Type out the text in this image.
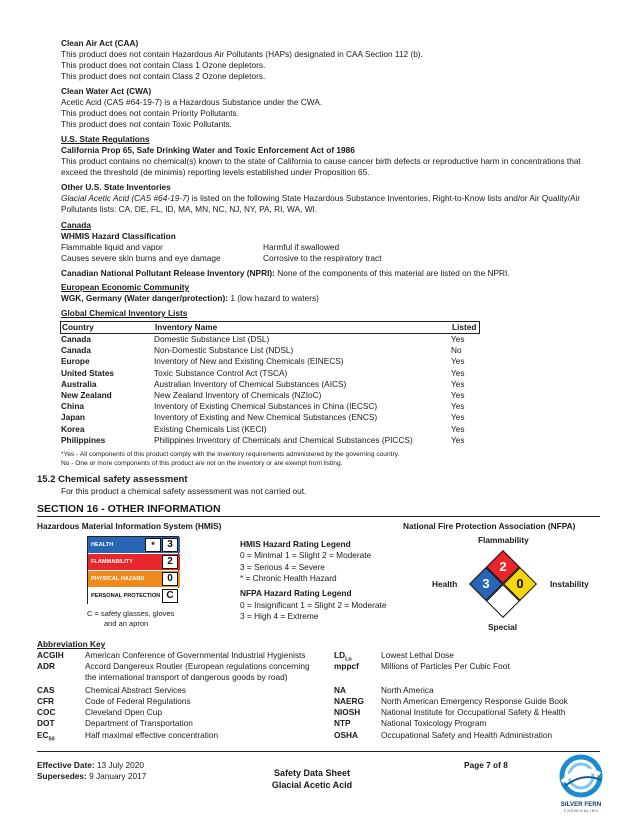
Clean Air Act (CAA)
This product does not contain Hazardous Air Pollutants (HAPs) designated in CAA Section 112 (b).
This product does not contain Class 1 Ozone depletors.
This product does not contain Class 2 Ozone depletors.
Clean Water Act (CWA)
Acetic Acid (CAS #64-19-7) is a Hazardous Substance under the CWA.
This product does not contain Priority Pollutants.
This product does not contain Toxic Pollutants.
U.S. State Regulations
California Prop 65, Safe Drinking Water and Toxic Enforcement Act of 1986
This product contains no chemical(s) known to the state of California to cause cancer birth defects or reproductive harm in concentrations that
exceed the threshold (de minimis) reporting levels established under Proposition 65.
Other U.S. State Inventories
Glacial Acetic Acid (CAS #64-19-7) is listed on the following State Hazardous Substance Inventories, Right-to-Know lists and/or Air Quality/Air
Pollutants lists: CA, DE, FL, ID, MA, MN, NC, NJ, NY, PA, RI, WA, WI.
Canada
WHMIS Hazard Classification
Flammable liquid and vapor	Harmful if swallowed
Causes severe skin burns and eye damage	Corrosive to the respiratory tract
Canadian National Pollutant Release Inventory (NPRI): None of the components of this material are listed on the NPRI.
European Economic Community
WGK, Germany (Water danger/protection): 1 (low hazard to waters)
Global Chemical Inventory Lists
Country	Inventory Name	Listed
Canada	Domestic Substance List (DSL)	Yes
Canada	Non-Domestic Substance List (NDSL)	No
Europe	Inventory of New and Existing Chemicals (EINECS)	Yes
United States	Toxic Substance Control Act (TSCA)	Yes
Australia	Australian Inventory of Chemical Substances (AICS)	Yes
New Zealand	New Zealand Inventory of Chemicals (NZIoC)	Yes
China	Inventory of Existing Chemical Substances in China (IECSC)	Yes
Japan	Inventory of Existing and New Chemical Substances (ENCS)	Yes
Korea	Existing Chemicals List (KECI)	Yes
Philippines	Philippines Inventory of Chemicals and Chemical Substances (PICCS)	Yes
*Yes - All components of this product comply with the inventory requirements administered by the governing country.
No - One or more components of this product are not on the inventory or are exempt from listing.
15.2 Chemical safety assessment
For this product a chemical safety assessment was not carried out.
SECTION 16 - OTHER INFORMATION
Hazardous Material Information System (HMIS)	National Fire Protection Association (NFPA)
HEALTH	*	3
FLAMMABILITY	2
PHYSICAL HAZARD	0
PERSONAL PROTECTION C
C = safety glasses, gloves
and an apron
HMIS Hazard Rating Legend
0 = Minimal 1 = Slight 2 = Moderate
3 = Serious 4 = Severe
* = Chronic Health Hazard
NFPA Hazard Rating Legend
0 = Insignificant 1 = Slight 2 = Moderate
3 = High 4 = Extreme
Flammability
Health	Instability
Special
2
3	0
Abbreviation Key
ACGIH	American Conference of Governmental Industrial Hygienists
ADR	Accord Dangereux Routier (European regulations concerning
the international transport of dangerous goods by road)
CAS	Chemical Abstract Services
CFR	Code of Federal Regulations
COC	Cleveland Open Cup
DOT	Department of Transportation
$EC_{50}$	Half maximal effective concentration
$LD_{Lo}$	Lowest Lethal Dose
mppcf	Millions of Particles Per Cubic Foot
NA	North America
NAERG North American Emergency Response Guide Book
NIOSH National Institute for Occupational Safety & Health
NTP	National Toxicology Program
OSHA	Occupational Safety and Health Administration
Effective Date: 13 July 2020
Supersedes: 9 January 2017	Safety Data Sheet
Glacial Acetic Acid
Page 7 of 8
SILVER FERN
C H E M I C A L I N C
